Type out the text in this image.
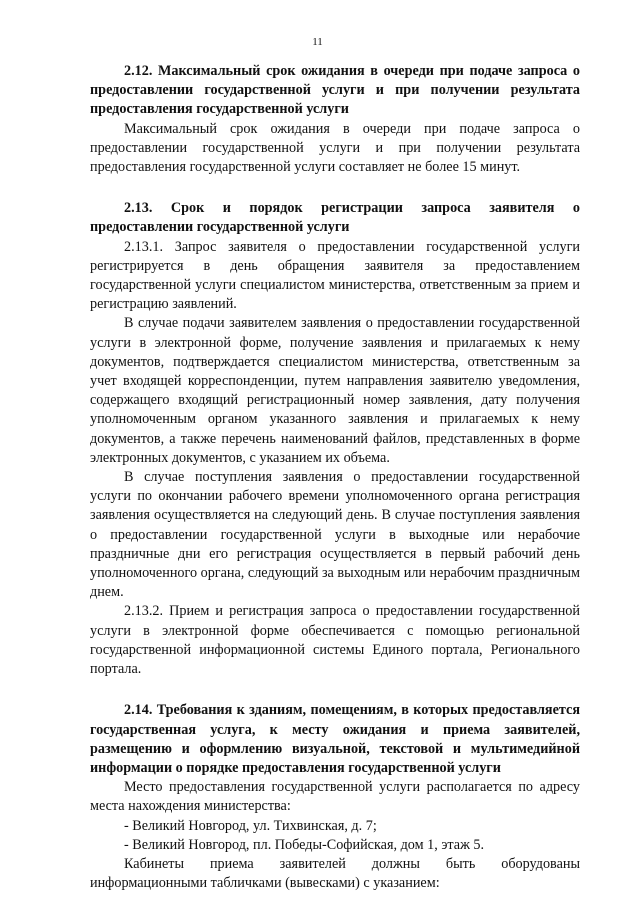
11

2.12. Максимальный срок ожидания в очереди при подаче запроса о предоставлении государственной услуги и при получении результата предоставления государственной услуги

Максимальный срок ожидания в очереди при подаче запроса о предоставлении государственной услуги и при получении результата предоставления государственной услуги составляет не более 15 минут.

2.13. Срок и порядок регистрации запроса заявителя о предоставлении государственной услуги

2.13.1. Запрос заявителя о предоставлении государственной услуги регистрируется в день обращения заявителя за предоставлением государственной услуги специалистом министерства, ответственным за прием и регистрацию заявлений.

В случае подачи заявителем заявления о предоставлении государственной услуги в электронной форме, получение заявления и прилагаемых к нему документов, подтверждается специалистом министерства, ответственным за учет входящей корреспонденции, путем направления заявителю уведомления, содержащего входящий регистрационный номер заявления, дату получения уполномоченным органом указанного заявления и прилагаемых к нему документов, а также перечень наименований файлов, представленных в форме электронных документов, с указанием их объема.

В случае поступления заявления о предоставлении государственной услуги по окончании рабочего времени уполномоченного органа регистрация заявления осуществляется на следующий день. В случае поступления заявления о предоставлении государственной услуги в выходные или нерабочие праздничные дни его регистрация осуществляется в первый рабочий день уполномоченного органа, следующий за выходным или нерабочим праздничным днем.

2.13.2. Прием и регистрация запроса о предоставлении государственной услуги в электронной форме обеспечивается с помощью региональной государственной информационной системы Единого портала, Регионального портала.

2.14. Требования к зданиям, помещениям, в которых предоставляется государственная услуга, к месту ожидания и приема заявителей, размещению и оформлению визуальной, текстовой и мультимедийной информации о порядке предоставления государственной услуги

Место предоставления государственной услуги располагается по адресу места нахождения министерства:

- Великий Новгород, ул. Тихвинская, д. 7;

- Великий Новгород, пл. Победы-Софийская, дом 1, этаж 5.

Кабинеты приема заявителей должны быть оборудованы информационными табличками (вывесками) с указанием:
